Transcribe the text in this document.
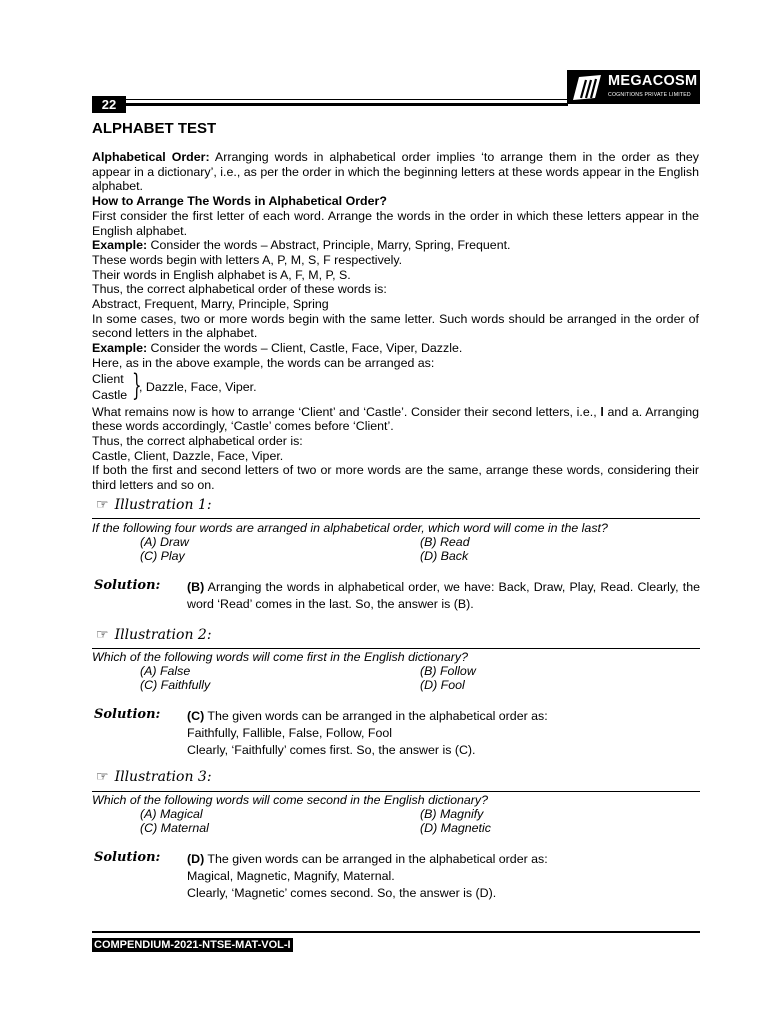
22
MEGACOSM
COGNITIONS PRIVATE LIMITED
ALPHABET TEST

Alphabetical Order: Arranging words in alphabetical order implies ‘to arrange them in the order as they appear in a dictionary’, i.e., as per the order in which the beginning letters at these words appear in the English alphabet.

How to Arrange The Words in Alphabetical Order?

First consider the first letter of each word. Arrange the words in the order in which these letters appear in the English alphabet.

Example: Consider the words – Abstract, Principle, Marry, Spring, Frequent.

These words begin with letters A, P, M, S, F respectively.

Their words in English alphabet is A, F, M, P, S.

Thus, the correct alphabetical order of these words is:

Abstract, Frequent, Marry, Principle, Spring

In some cases, two or more words begin with the same letter. Such words should be arranged in the order of second letters in the alphabet.

Example: Consider the words – Client, Castle, Face, Viper, Dazzle.

Here, as in the above example, the words can be arranged as:

Client
Castle }
, Dazzle, Face, Viper.

What remains now is how to arrange ‘Client’ and ‘Castle’. Consider their second letters, i.e., l and a. Arranging these words accordingly, ‘Castle’ comes before ‘Client’.

Thus, the correct alphabetical order is:

Castle, Client, Dazzle, Face, Viper.

If both the first and second letters of two or more words are the same, arrange these words, considering their third letters and so on.

☞ Illustration 1:
If the following four words are arranged in alphabetical order, which word will come in the last?
(A) Draw	(B) Read
(C) Play	(D) Back
Solution: (B) Arranging the words in alphabetical order, we have: Back, Draw, Play, Read. Clearly, the word ‘Read’ comes in the last. So, the answer is (B).
☞ Illustration 2:
Which of the following words will come first in the English dictionary?
(A) False	(B) Follow
(C) Faithfully	(D) Fool
Solution: (C) The given words can be arranged in the alphabetical order as:
Faithfully, Fallible, False, Follow, Fool
Clearly, ‘Faithfully’ comes first. So, the answer is (C).
☞ Illustration 3:
Which of the following words will come second in the English dictionary?
(A) Magical	(B) Magnify
(C) Maternal	(D) Magnetic
Solution: (D) The given words can be arranged in the alphabetical order as:
Magical, Magnetic, Magnify, Maternal.
Clearly, ‘Magnetic’ comes second. So, the answer is (D).
COMPENDIUM-2021-NTSE-MAT-VOL-I
